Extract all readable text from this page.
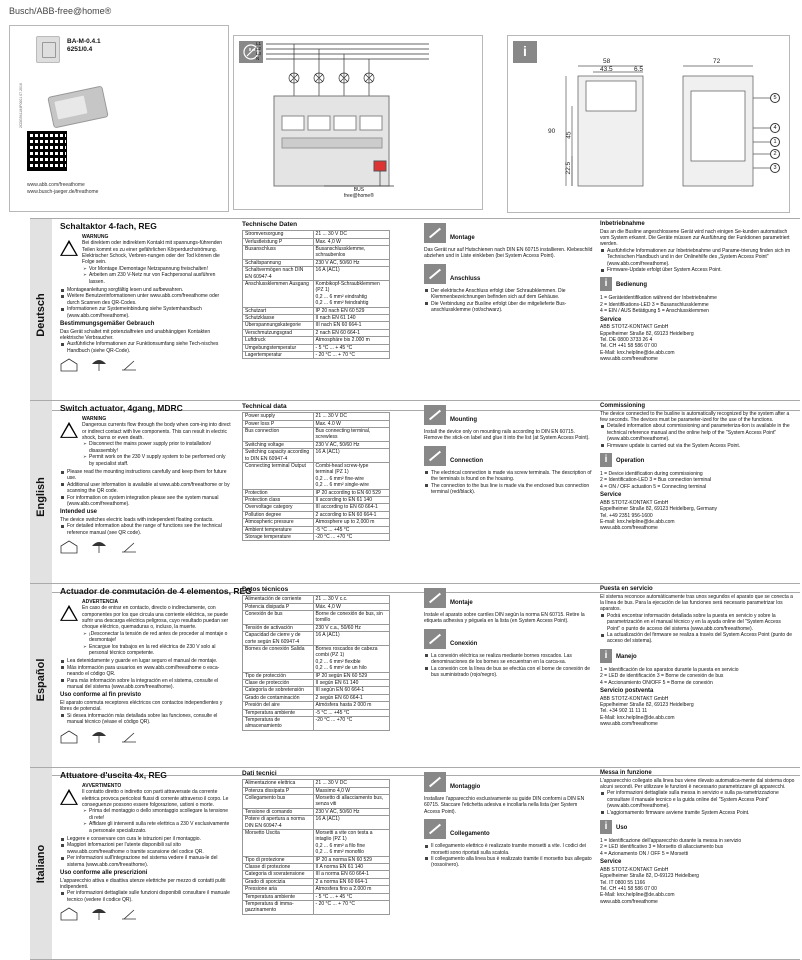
Busch/ABB-free@home®
2CDG941184P0001 07.2016
BA-M-0.4.1
6251/0.4
www.abb.com/freeathome
www.busch-jaeger.de/freathome
L1
L2
L3
N
BUS
free@home®
i
58
43.5	6.5
72
90
45
22.5
5
4
1
2
3
Deutsch
Schaltaktor 4-fach, REG
WARNUNG
Bei direktem oder indirektem Kontakt mit spannungs-führenden Teilen kommt es zu einer gefährlichen Körperdurchströmung. Elektrischer Schock, Verbren-nungen oder der Tod können die Folge sein.
➢ Vor Montage /Demontage Netzspannung freischalten!
➢ Arbeiten am 230 V-Netz nur von Fachpersonal ausführen lassen.
Montageanleitung sorgfältig lesen und aufbewahren.
Weitere Benutzerinformationen unter www.abb.com/freeathome oder durch Scannen des QR-Codes.
Informationen zur Systemeinbindung siehe Systemhandbuch (www.abb.com/freeathome).
Bestimmungsgemäßer Gebrauch
Das Gerät schaltet mit potenzialfreien und unabhängigen Kontakten elektrische Verbraucher.
Ausführliche Informationen zur Funktionsumfang siehe Tech-nisches Handbuch (siehe QR-Code).
Technische Daten
Stromversorgung	21 ... 30 V DC
Verlustleistung P	Max. 4,0 W
Busanschluss	Busanschlussklemme, schraubenlos
Schaltspannung	230 V AC, 50/60 Hz
Schaltvermögen nach DIN EN 60947-4	16 A (AC1)
Anschlussklemmen Ausgang	Kombikopf-Schraubklemmen (PZ 1)
0,2 ... 6 mm² eindrahtig
0,2 ... 6 mm² feindrahtig
Schutzart	IP 20 nach EN 60 529
Schutzklasse	II nach EN 61 140
Überspannungskategorie	III nach EN 60 664-1
Verschmutzungsgrad	2 nach EN 60 664-1
Luftdruck	Atmosphäre bis 2.000 m
Umgebungstemperatur	- 5 °C ... + 45 °C
Lagertemperatur	- 20 °C ... + 70 °C
Montage
Das Gerät nur auf Hutschienen nach DIN EN 60715 installieren. Klebeschild abziehen und in Liste einkleben (bei System Access Point).
Anschluss
Der elektrische Anschluss erfolgt über Schraubklemmen. Die Klemmenbezeichnungen befinden sich auf dem Gehäuse.
Die Verbindung zur Busline erfolgt über die mitgelieferte Bus-anschlussklemme (rot/schwarz).
Inbetriebnahme
Das an die Busline angeschlossene Gerät wird nach einigen Se-kunden automatisch vom System erkannt. Die Geräte müssen zur Ausführung der Funktionen parametriert werden.
Ausführliche Informationen zur Inbetriebnahme und Parame-trierung finden sich im Technischen Handbuch und in der Onlinehilfe des „System Access Point" (www.abb.com/freeathome).
Firmware-Update erfolgt über System Access Point.
i	Bedienung
1 = Geräteidentifikation während der Inbetriebnahme
2 = Identifikations-LED 3 = Busanschlussklemme
4 = EIN / AUS Betätigung 5 = Anschlussklemmen
Service
ABB STOTZ-KONTAKT GmbH
Eppelheimer Straße 82, 69123 Heidelberg
Tel. DE 0800 3733 26 4
Tel. CH +41 58 586 07 00
E-Mail: knx.helpline@de.abb.com
www.abb.com/freeathome
English
Switch actuator, 4gang, MDRC
WARNING
Dangerous currents flow through the body when com-ing into direct or indirect contact with live components. This can result in electric shock, burns or even death.
➢ Disconnect the mains power supply prior to installation/ disassembly!
➢ Permit work on the 230 V supply system to be performed only by specialist staff.
Please read the mounting instructions carefully and keep them for future use.
Additional user information is available at www.abb.com/freeathome or by scanning the QR code.
For information on system integration please see the system manual (www.abb.com/freeathome).
Intended use
The device switches electric loads with independent floating contacts.
For detailed information about the range of functions see the technical reference manual (see QR code).
Technical data
Power supply	21 ... 30 V DC
Power loss P	Max. 4.0 W
Bus connection	Bus connecting terminal, screwless
Switching voltage	230 V AC, 50/60 Hz
Switching capacity according to DIN EN 60947-4	16 A (AC1)
Connecting terminal Output	Combi-head screw-type terminal (PZ 1)
0,2 ... 6 mm² fine-wire
0,2 ... 6 mm² single-wire
Protection	IP 20 according to EN 60 529
Protection class	II according to EN 61 140
Overvoltage category	III according to EN 60 664-1
Pollution degree	2 according to EN 60 664-1
Atmospheric pressure	Atmosphere up to 2,000 m
Ambient temperature	-5 °C ... +45 °C
Storage temperature	-20 °C ... +70 °C
Mounting
Install the device only on mounting rails according to DIN EN 60715. Remove the stick-on label and glue it into the list (at System Access Point).
Connection
The electrical connection is made via screw terminals. The description of the terminals is found on the housing.
The connection to the bus line is made via the enclosed bus connection terminal (red/black).
Commissioning
The device connected to the busline is automatically recognized by the system after a few seconds. The devices must be parameter-ized for the use of the functions.
Detailed information about commissioning and parameteriza-tion is available in the technical reference manual and the online help of the "System Access Point" (www.abb.com/freeathome).
Firmware update is carried out via the System Access Point.
i	Operation
1 = Device identification during commissioning
2 = Identification-LED 3 = Bus connection terminal
4 = ON / OFF actuation 5 = Connecting terminal
Service
ABB STOTZ-KONTAKT GmbH
Eppelheimer Straße 82, 69123 Heidelberg, Germany
Tel. +49 2351 956-1600
E-mail: knx.helpline@de.abb.com
www.abb.com/freeathome
Español
Actuador de conmutación de 4 elementos, REG
ADVERTENCIA
En caso de entrar en contacto, directo o indirectamente, con componentes por los que circula una corriente eléctrica, se puede sufrir una descarga eléctrica peligrosa, cuyo resultado puedan ser choque eléctrico, quemaduras o, incluso, la muerte.
➢ ¡Desconectar la tensión de red antes de proceder al montaje o desmontaje!
➢ Encargue los trabajos en la red eléctrica de 230 V solo al personal técnico competente.
Lea detenidamente y guarde en lugar seguro el manual de montaje.
Más información para usuarios en www.abb.com/freeathome o esca-neando el código QR.
Para más información sobre la integración en el sistema, consulte el manual del sistema (www.abb.com/freeathome).
Uso conforme al fin previsto
El aparato conmuta receptores eléctricos con contactos independientes y libres de potencial.
Si desea información más detallada sobre las funciones, consulte el manual técnico (véase el código QR).
Datos técnicos
Alimentación de corriente	21 ... 30 V c.c.
Potencia disipada P	Máx. 4,0 W
Conexión de bus	Borne de conexión de bus, sin tornillo
Tensión de activación	230 V c.a., 50/60 Hz
Capacidad de cierre y de corte según EN 60947-4	16 A (AC1)
Bornes de conexión Salida	Bornes roscados de cabeza combi (PZ 1)
0,2 ... 6 mm² flexible
0,2 ... 6 mm² de un hilo
Tipo de protección	IP 20 según EN 60 529
Clase de protección	II según EN 61 140
Categoría de sobretensión	III según EN 60 664-1
Grado de contaminación	2 según EN 60 664-1
Presión del aire	Atmósfera hasta 2 000 m
Temperatura ambiente	-5 °C ... +45 °C
Temperatura de almacenamiento	-20 °C ... +70 °C
Montaje
Instale el aparato sobre carriles DIN según la norma EN 60715. Retire la etiqueta adhesiva y péguela en la lista (en System Access Point).
Conexión
La conexión eléctrica se realiza mediante bornes roscados. Las denominaciones de los bornes se encuentran en la carca-sa.
La conexión con la línea de bus se efectúa con el borne de conexión de bus suministrado (rojo/negro).
Puesta en servicio
El sistema reconoce automáticamente tras unos segundos el aparato que se conecta a la línea de bus. Para la ejecución de las funciones será necesario parametrizar los aparatos.
Podrá encontrar información detallada sobre la puesta en servicio y sobre la parametrización en el manual técnico y en la ayuda online del "System Access Point" o punto de acceso del sistema (www.abb.com/freeathome).
La actualización del firmware se realiza a través del System Access Point (punto de acceso del sistema).
i	Manejo
1 = Identificación de los aparatos durante la puesta en servicio
2 = LED de identificación 3 = Borne de conexión de bus
4 = Accionamiento ON/OFF 5 = Borne de conexión
Servicio postventa
ABB STOTZ-KONTAKT GmbH
Eppelheimer Straße 82, 69123 Heidelberg
Tel. +34 902 11 11 11
E-Mail: knx.helpline@de.abb.com
www.abb.com/freeathome
Italiano
Attuatore d'uscita 4x, REG
AVVERTIMENTO
Il contatto diretto o indiretto con parti attraversate da corrente elettrica provoca pericolosi flussi di corrente attraverso il corpo. Le conseguenze possono essere folgorazione, ustioni o morte.
➢ Prima del montaggio o dello smontaggio scollegare la tensione di rete!
➢ Affidare gli interventi sulla rete elettrica a 230 V esclusivamente a personale specializzato.
Leggere e conservare con cura le istruzioni per il montaggio.
Maggiori informazioni per l'utente disponibili sul sito www.abb.com/freeathome o tramite scansione del codice QR.
Per informazioni sull'integrazione nel sistema vedere il manua-le del sistema (www.abb.com/freeathome).
Uso conforme alle prescrizioni
L'apparecchio attiva e disattiva utenze elettriche per mezzo di contatti puliti indipendenti.
Per informazioni dettagliate sulle funzioni disponibili consultare il manuale tecnico (vedere il codice QR).
Dati tecnici
Alimentazione elettrica	21 ... 30 V DC
Potenza dissipata P	Massimo 4,0 W
Collegamento bus	Morsetto di allacciamento bus, senza viti
Tensione di comando	230 V AC, 50/60 Hz
Potere di apertura a norma DIN EN 60947-4	16 A (AC1)
Morsetto Uscita	Morsetti a vite con testa a intaglio (PZ 1)
0,2 ... 6 mm² a filo fine
0,2 ... 6 mm² monofilo
Tipo di protezione	IP 20 a norma EN 60 529
Classe di protezione	II A norma EN 61 140
Categoria di sovratensione	III a norma EN 60 664-1
Grado di sporcizia	2 a norma EN 60 664-1
Pressione aria	Atmosfera fino a 2.000 m
Temperatura ambiente	- 5 °C ... + 45 °C
Temperatura di imma-gazzinamento	- 20 °C ... + 70 °C
Montaggio
Installare l'apparecchio esclusivamente su guide DIN conformi a DIN EN 60715. Staccare l'etichetta adesiva e incollarla nella lista (per System Access Point).
Collegamento
Il collegamento elettrico è realizzato tramite morsetti a vite. I codici dei morsetti sono riportati sulla scatola.
Il collegamento alla linea bus è realizzato tramite il morsetto bus allegato (rosso/nero).
Messa in funzione
L'apparecchio collegato alla linea bus viene rilevato automatica-mente dal sistema dopo alcuni secondi. Per utilizzare le funzioni è necessario parametrizzare gli apparecchi.
Per informazioni dettagliate sulla messa in servizio e sulla pa-rametrizzazione consultare il manuale tecnico e la guida online del "System Access Point" (www.abb.com/freeathome).
L'aggiornamento firmware avviene tramite System Access Point.
i	Uso
1 = Identificazione dell'apparecchio durante la messa in servizio
2 = LED identificativo 3 = Morsetto di allacciamento bus
4 = Azionamento ON / OFF 5 = Morsetti
Service
ABB STOTZ-KONTAKT GmbH
Eppelheimer Straße 82, D-69123 Heidelberg
Tel. IT 0800 55 1166
Tel. CH +41 58 586 07 00
E-Mail: knx.helpline@de.abb.com
www.abb.com/freeathome
